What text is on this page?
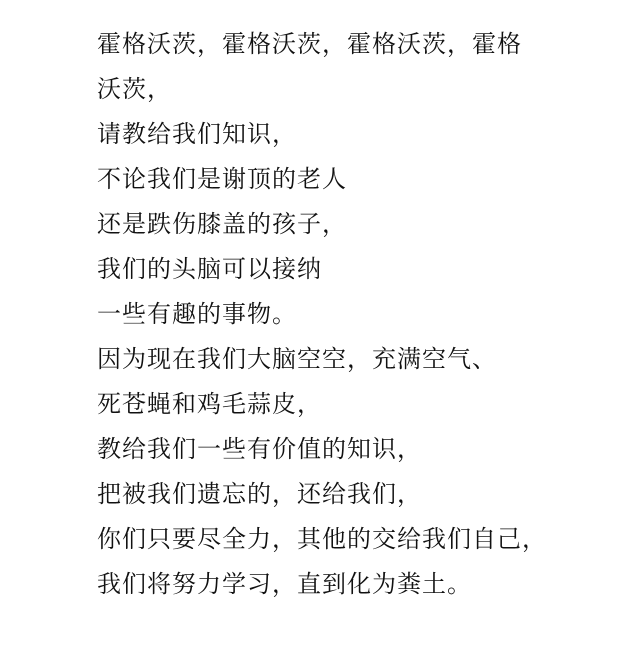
霍格沃茨，霍格沃茨，霍格沃茨，霍格
沃茨，
请教给我们知识，
不论我们是谢顶的老人
还是跌伤膝盖的孩子，
我们的头脑可以接纳
一些有趣的事物。
因为现在我们大脑空空，充满空气、
死苍蝇和鸡毛蒜皮，
教给我们一些有价值的知识，
把被我们遗忘的，还给我们，
你们只要尽全力，其他的交给我们自己，
我们将努力学习，直到化为粪土。
